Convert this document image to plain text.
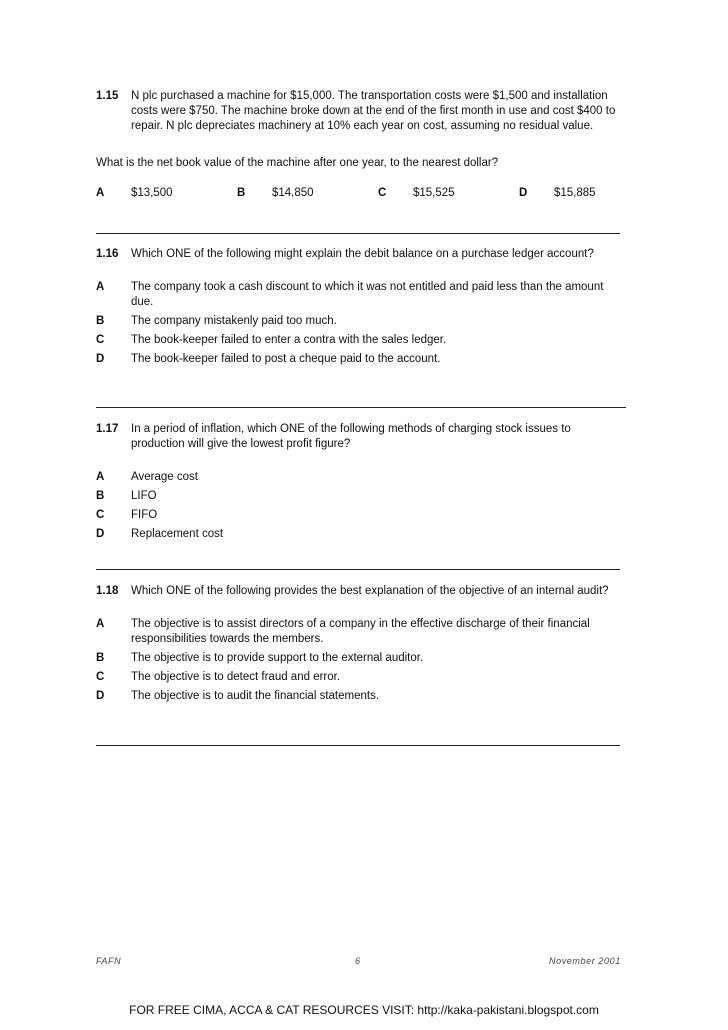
1.15	N plc purchased a machine for $15,000. The transportation costs were $1,500 and installation costs were $750. The machine broke down at the end of the first month in use and cost $400 to repair. N plc depreciates machinery at 10% each year on cost, assuming no residual value.
What is the net book value of the machine after one year, to the nearest dollar?
A $13,500	B $14,850	C $15,525	D $15,885
1.16	Which ONE of the following might explain the debit balance on a purchase ledger account?
A	The company took a cash discount to which it was not entitled and paid less than the amount due.
B	The company mistakenly paid too much.
C	The book-keeper failed to enter a contra with the sales ledger.
D	The book-keeper failed to post a cheque paid to the account.
1.17	In a period of inflation, which ONE of the following methods of charging stock issues to production will give the lowest profit figure?
A	Average cost
B	LIFO
C	FIFO
D	Replacement cost
1.18	Which ONE of the following provides the best explanation of the objective of an internal audit?
A	The objective is to assist directors of a company in the effective discharge of their financial responsibilities towards the members.
B	The objective is to provide support to the external auditor.
C	The objective is to detect fraud and error.
D	The objective is to audit the financial statements.
FAFN	6	November 2001
FOR FREE CIMA, ACCA & CAT RESOURCES VISIT: http://kaka-pakistani.blogspot.com
